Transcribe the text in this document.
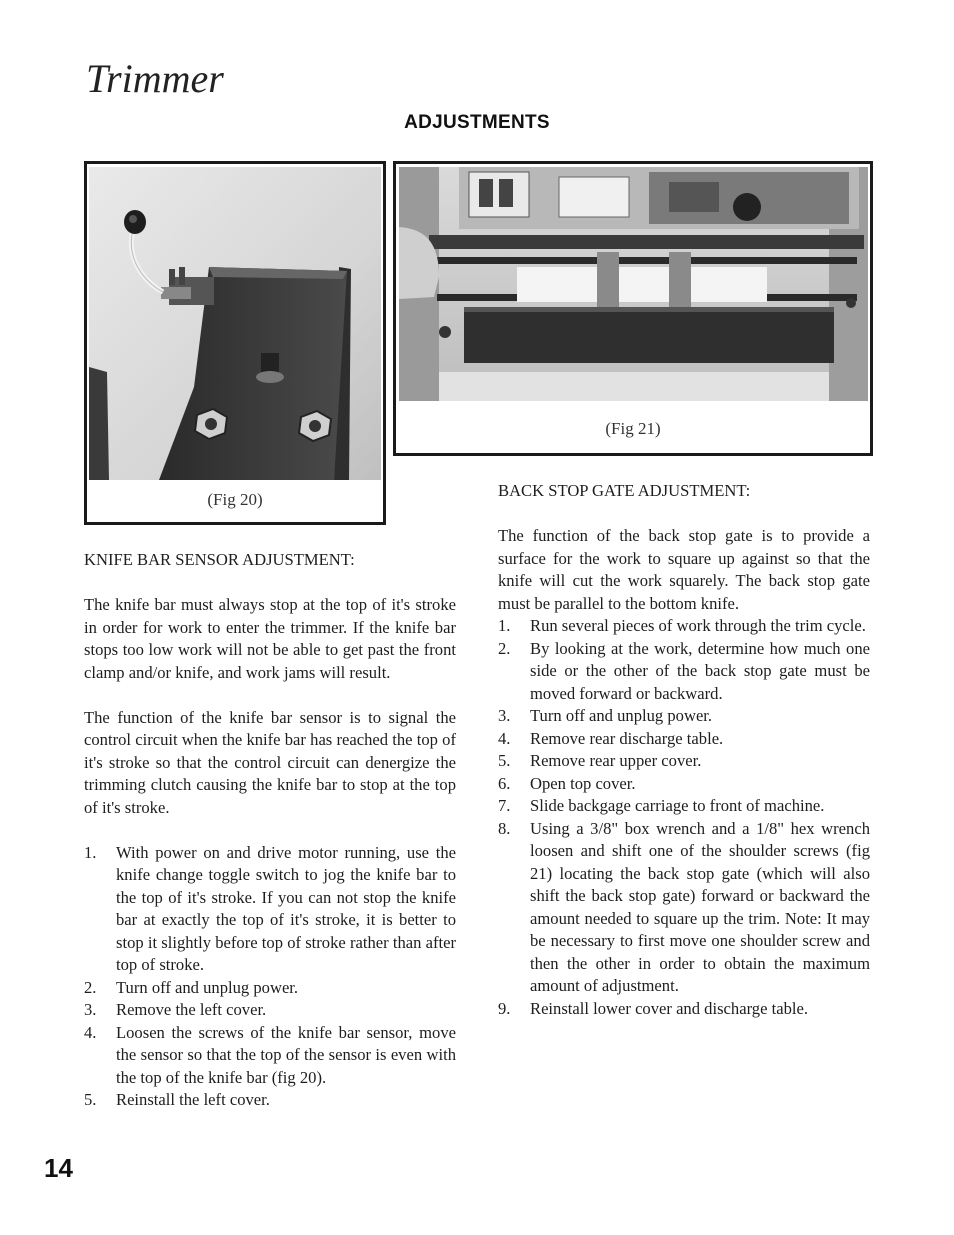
Trimmer
ADJUSTMENTS
(Fig 20)
(Fig 21)

KNIFE BAR SENSOR ADJUSTMENT:

The knife bar must always stop at the top of it's stroke in order for work to enter the trimmer. If the knife bar stops too low work will not be able to get past the front clamp and/or knife, and work jams will result.

The function of the knife bar sensor is to signal the control circuit when the knife bar has reached the top of it's stroke so that the control circuit can denergize the trimming clutch causing the knife bar to stop at the top of it's stroke.

1. With power on and drive motor running, use the knife change toggle switch to jog the knife bar to the top of it's stroke. If you can not stop the knife bar at exactly the top of it's stroke, it is better to stop it slightly before top of stroke rather than after top of stroke.
2. Turn off and unplug power.
3. Remove the left cover.
4. Loosen the screws of the knife bar sensor, move the sensor so that the top of the sensor is even with the top of the knife bar (fig 20).
5. Reinstall the left cover.

BACK STOP GATE ADJUSTMENT:

The function of the back stop gate is to provide a surface for the work to square up against so that the knife will cut the work squarely. The back stop gate must be parallel to the bottom knife.

1. Run several pieces of work through the trim cycle.
2. By looking at the work, determine how much one side or the other of the back stop gate must be moved forward or backward.
3. Turn off and unplug power.
4. Remove rear discharge table.
5. Remove rear upper cover.
6. Open top cover.
7. Slide backgage carriage to front of machine.
8. Using a 3/8" box wrench and a 1/8" hex wrench loosen and shift one of the shoulder screws (fig 21) locating the back stop gate (which will also shift the back stop gate) forward or backward the amount needed to square up the trim. Note: It may be necessary to first move one shoulder screw and then the other in order to obtain the maximum amount of adjustment.
9. Reinstall lower cover and discharge table.
14
